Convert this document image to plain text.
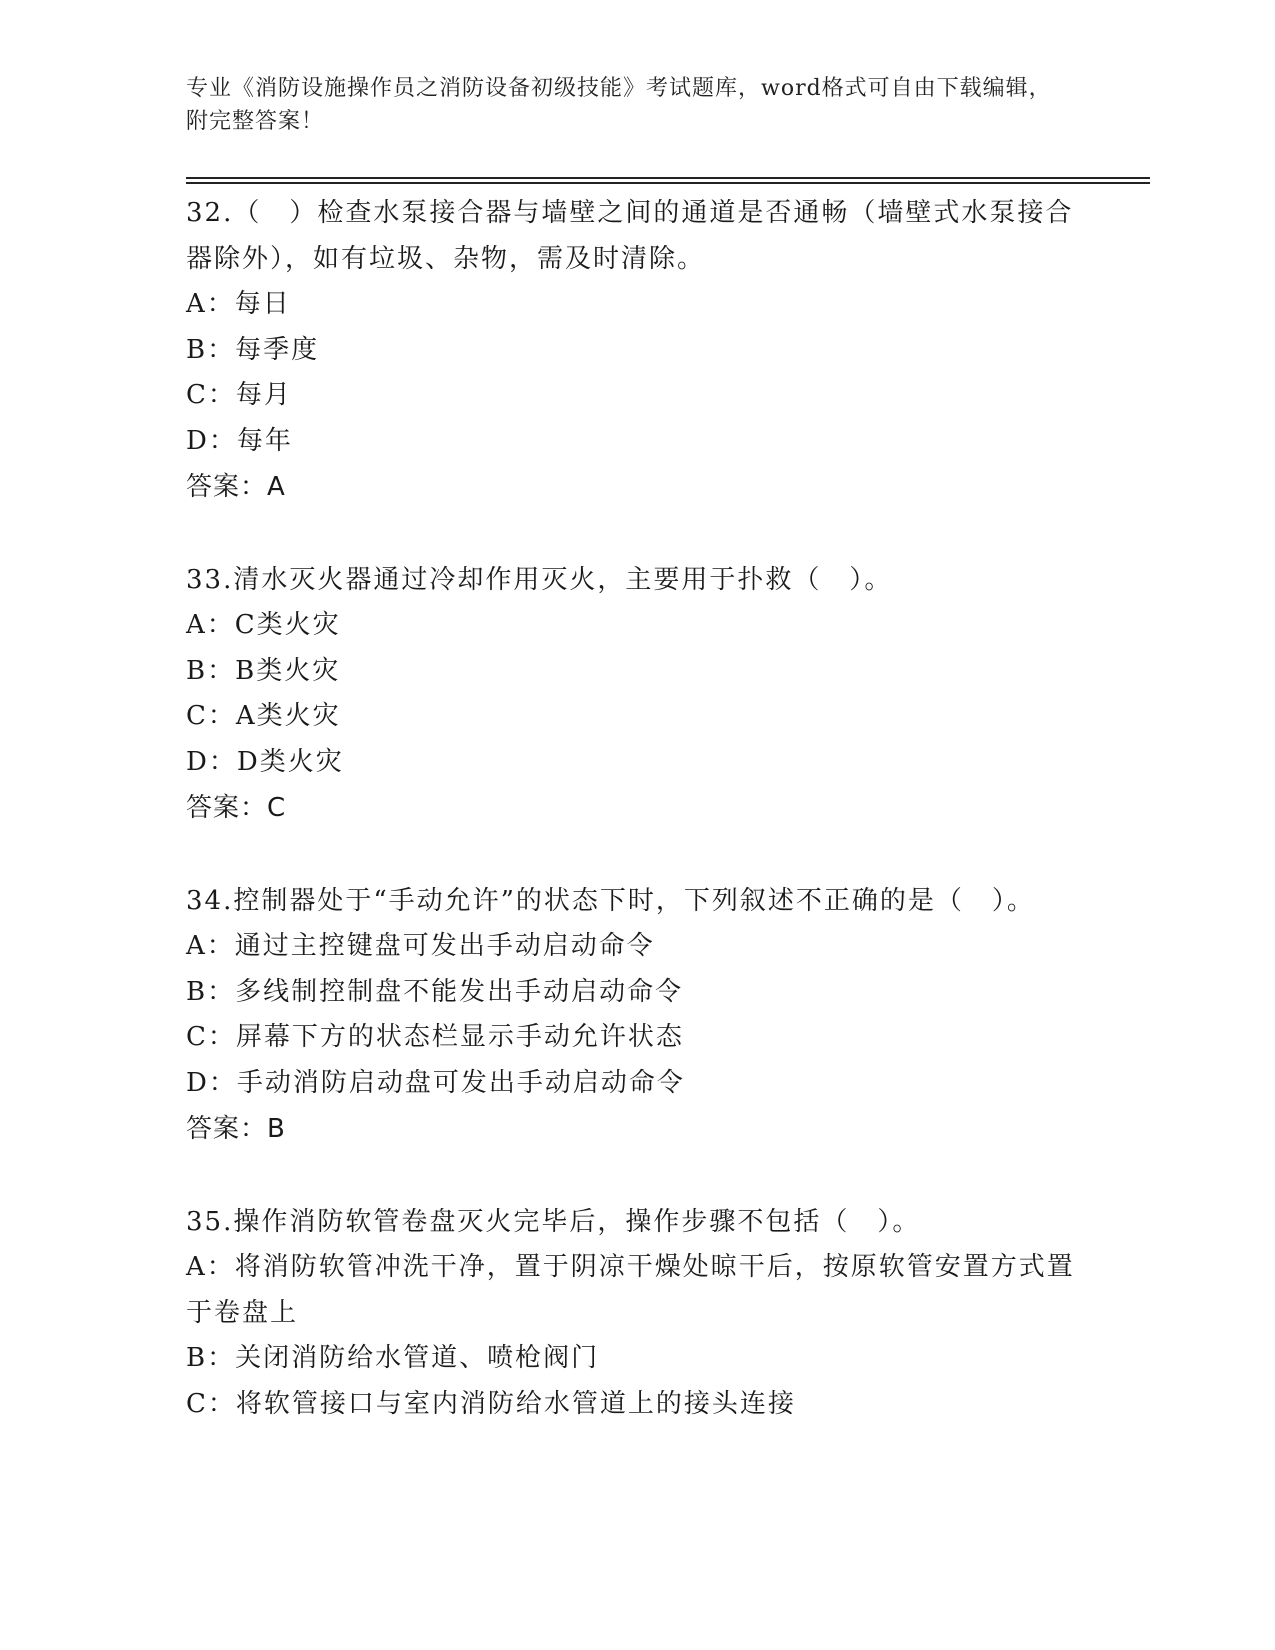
专业《消防设施操作员之消防设备初级技能》考试题库，word格式可自由下载编辑，附完整答案！

32.（　）检查水泵接合器与墙壁之间的通道是否通畅（墙壁式水泵接合器除外），如有垃圾、杂物，需及时清除。

A：每日

B：每季度

C：每月

D：每年

答案：A

33.清水灭火器通过冷却作用灭火，主要用于扑救（　）。

A：C类火灾

B：B类火灾

C：A类火灾

D：D类火灾

答案：C

34.控制器处于“手动允许”的状态下时，下列叙述不正确的是（　）。

A：通过主控键盘可发出手动启动命令

B：多线制控制盘不能发出手动启动命令

C：屏幕下方的状态栏显示手动允许状态

D：手动消防启动盘可发出手动启动命令

答案：B

35.操作消防软管卷盘灭火完毕后，操作步骤不包括（　）。

A：将消防软管冲洗干净，置于阴凉干燥处晾干后，按原软管安置方式置于卷盘上

B：关闭消防给水管道、喷枪阀门

C：将软管接口与室内消防给水管道上的接头连接
